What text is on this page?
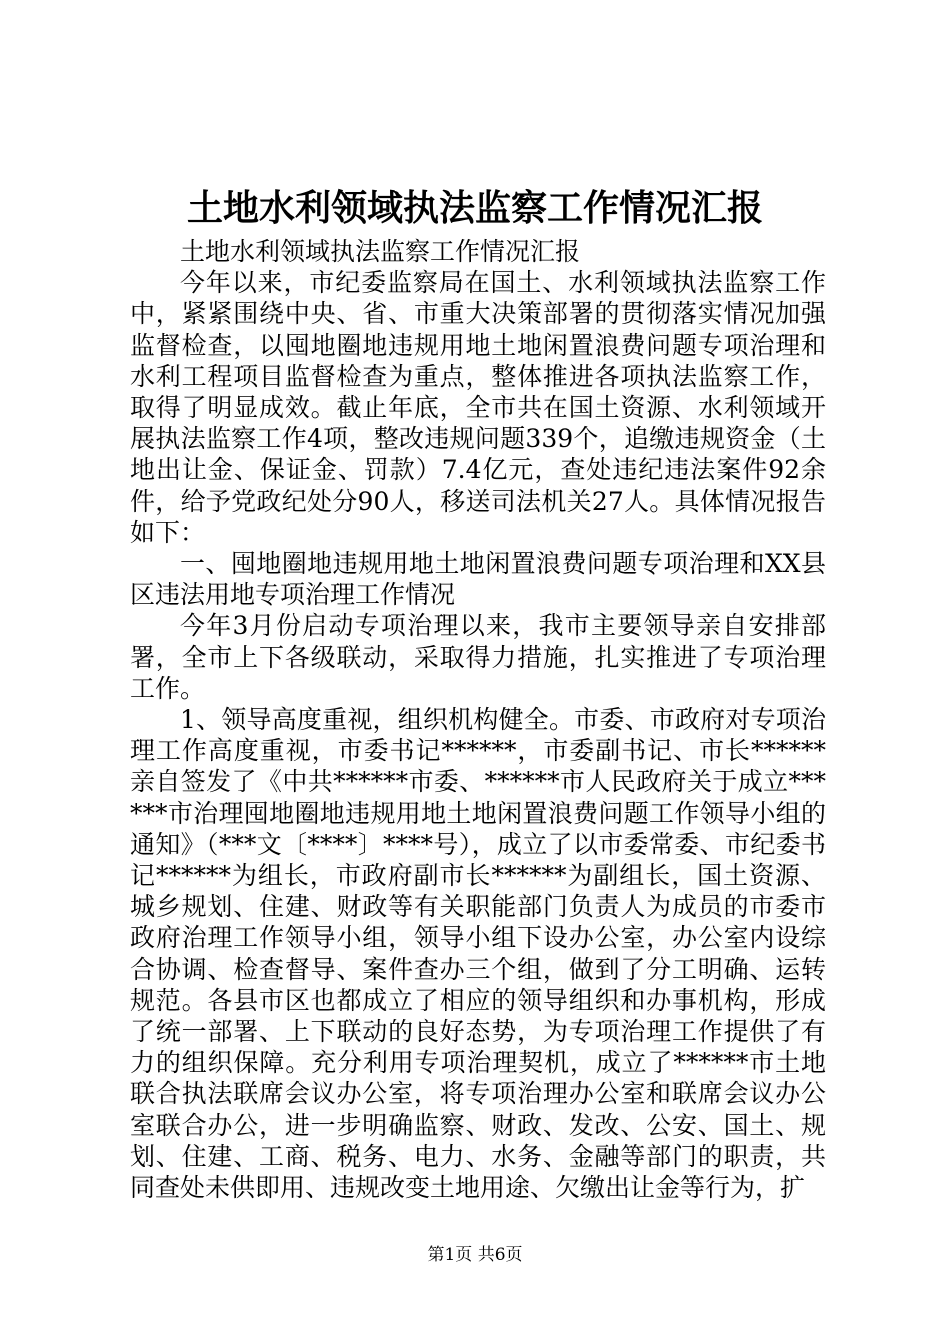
土地水利领域执法监察工作情况汇报

土地水利领域执法监察工作情况汇报

今年以来，市纪委监察局在国土、水利领域执法监察工作中，紧紧围绕中央、省、市重大决策部署的贯彻落实情况加强监督检查，以囤地圈地违规用地土地闲置浪费问题专项治理和水利工程项目监督检查为重点，整体推进各项执法监察工作，取得了明显成效。截止年底，全市共在国土资源、水利领域开展执法监察工作4项，整改违规问题339个，追缴违规资金（土地出让金、保证金、罚款）7.4亿元，查处违纪违法案件92余件，给予党政纪处分90人，移送司法机关27人。具体情况报告如下：

一、囤地圈地违规用地土地闲置浪费问题专项治理和XX县区违法用地专项治理工作情况

今年3月份启动专项治理以来，我市主要领导亲自安排部署，全市上下各级联动，采取得力措施，扎实推进了专项治理工作。

1、领导高度重视，组织机构健全。市委、市政府对专项治理工作高度重视，市委书记******，市委副书记、市长******亲自签发了《中共******市委、******市人民政府关于成立******市治理囤地圈地违规用地土地闲置浪费问题工作领导小组的通知》（***文〔****〕****号），成立了以市委常委、市纪委书记******为组长，市政府副市长******为副组长，国土资源、城乡规划、住建、财政等有关职能部门负责人为成员的市委市政府治理工作领导小组，领导小组下设办公室，办公室内设综合协调、检查督导、案件查办三个组，做到了分工明确、运转规范。各县市区也都成立了相应的领导组织和办事机构，形成了统一部署、上下联动的良好态势，为专项治理工作提供了有力的组织保障。充分利用专项治理契机，成立了******市土地联合执法联席会议办公室，将专项治理办公室和联席会议办公室联合办公，进一步明确监察、财政、发改、公安、国土、规划、住建、工商、税务、电力、水务、金融等部门的职责，共同查处未供即用、违规改变土地用途、欠缴出让金等行为，扩

第1页 共6页
